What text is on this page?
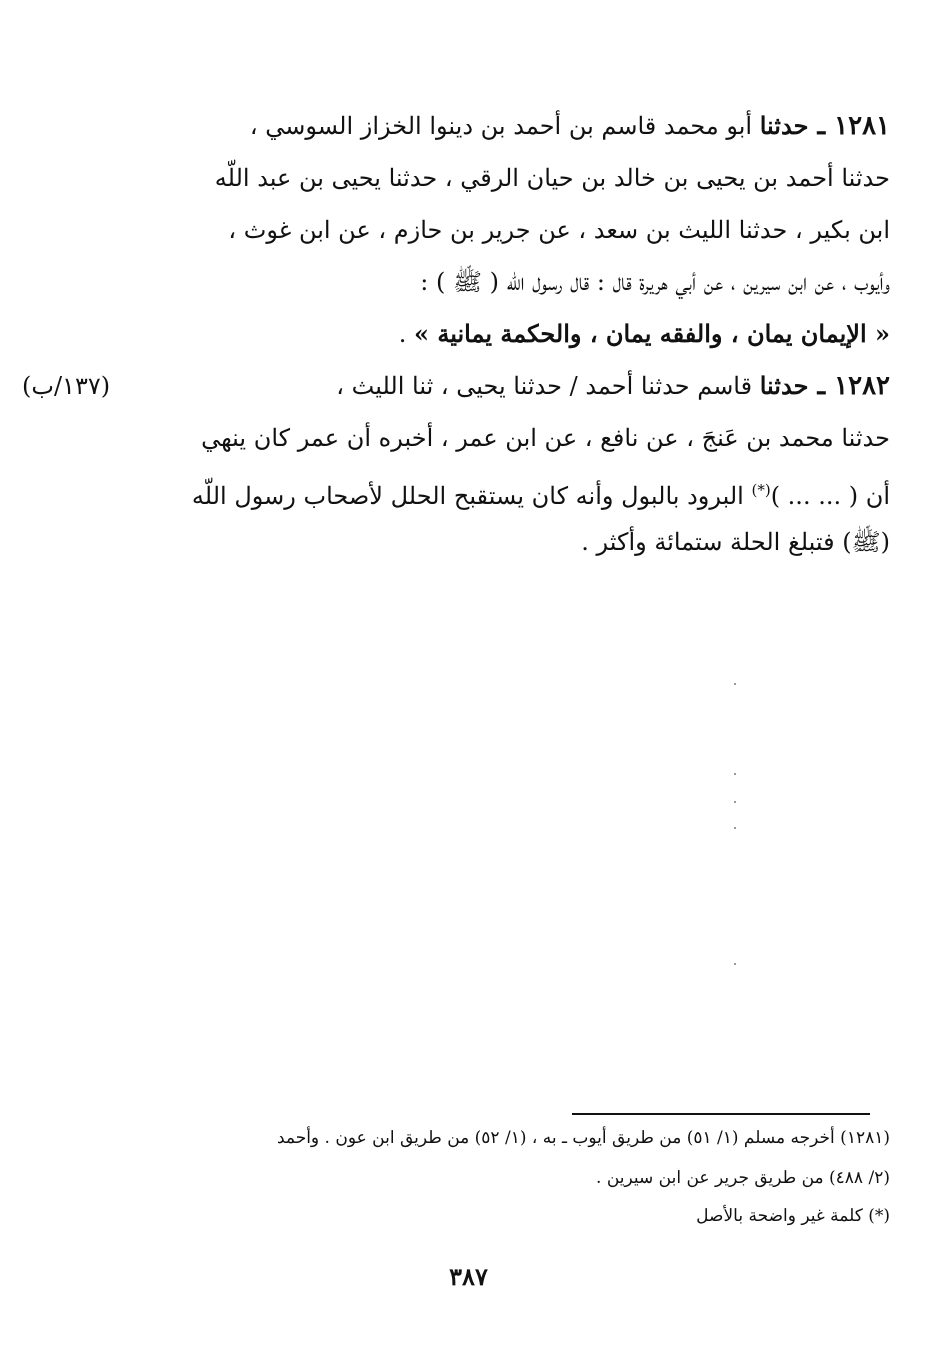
١٢٨١ ـ حدثنا أبو محمد قاسم بن أحمد بن دينوا الخزاز السوسي ،
حدثنا أحمد بن يحيى بن خالد بن حيان الرقي ، حدثنا يحيى بن عبد اللّه
ابن بكير ، حدثنا الليث بن سعد ، عن جرير بن حازم ، عن ابن غوث ،
وأيوب ، عن ابن سيرين ، عن أبي هريرة قال : قال رسول اللّه ( ﷺ ) :
« الإيمان يمان ، والفقه يمان ، والحكمة يمانية » .
(١٣٧/ب)	١٢٨٢ ـ حدثنا قاسم حدثنا أحمد / حدثنا يحيى ، ثنا الليث ،
حدثنا محمد بن عَنجَ ، عن نافع ، عن ابن عمر ، أخبره أن عمر كان ينهي
أن ( ... ... )(*) البرود بالبول وأنه كان يستقبح الحلل لأصحاب رسول اللّه
(ﷺ) فتبلغ الحلة ستمائة وأكثر .
(١٢٨١) أخرجه مسلم (١/ ٥١) من طريق أيوب ـ به ، (١/ ٥٢) من طريق ابن عون . وأحمد
(٢/ ٤٨٨) من طريق جرير عن ابن سيرين .
(*) كلمة غير واضحة بالأصل
٣٨٧
